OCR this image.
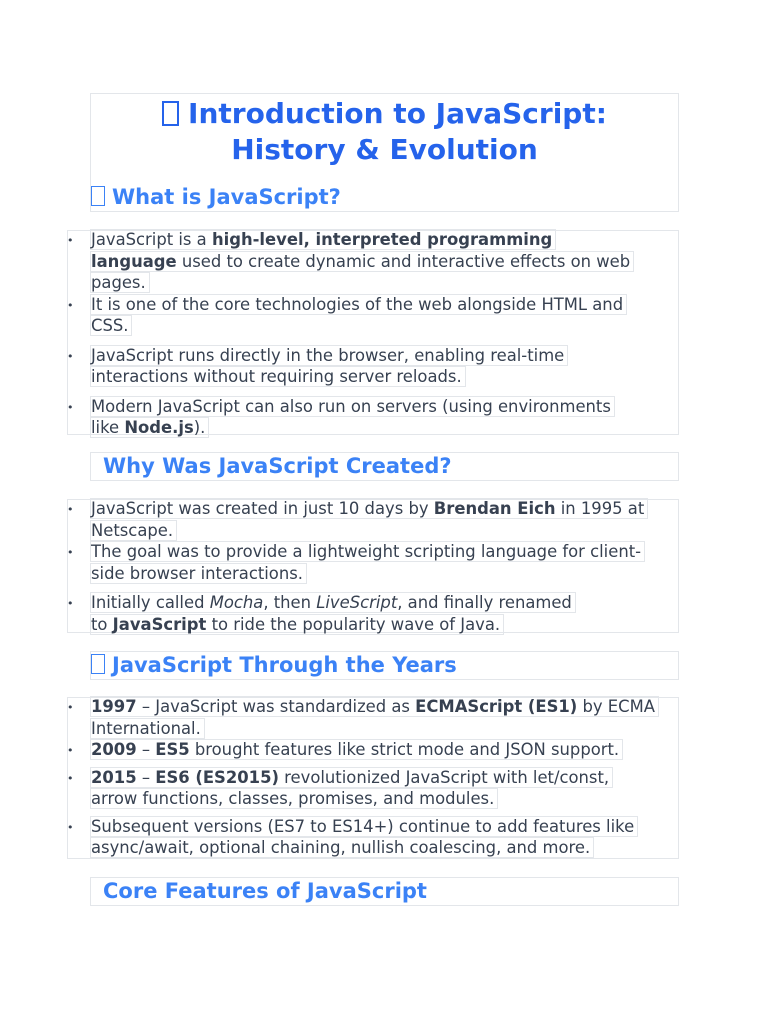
Introduction to JavaScript:
History & Evolution
What is JavaScript?
• JavaScript is a high-level, interpreted programming
language used to create dynamic and interactive effects on web
pages.
• It is one of the core technologies of the web alongside HTML and
CSS.
• JavaScript runs directly in the browser, enabling real-time
interactions without requiring server reloads.
• Modern JavaScript can also run on servers (using environments
like Node.js).
Why Was JavaScript Created?
• JavaScript was created in just 10 days by Brendan Eich in 1995 at
Netscape.
• The goal was to provide a lightweight scripting language for client-
side browser interactions.
• Initially called Mocha, then LiveScript, and finally renamed
to JavaScript to ride the popularity wave of Java.
JavaScript Through the Years
• 1997 – JavaScript was standardized as ECMAScript (ES1) by ECMA
International.
• 2009 – ES5 brought features like strict mode and JSON support.
• 2015 – ES6 (ES2015) revolutionized JavaScript with let/const,
arrow functions, classes, promises, and modules.
• Subsequent versions (ES7 to ES14+) continue to add features like
async/await, optional chaining, nullish coalescing, and more.
Core Features of JavaScript
